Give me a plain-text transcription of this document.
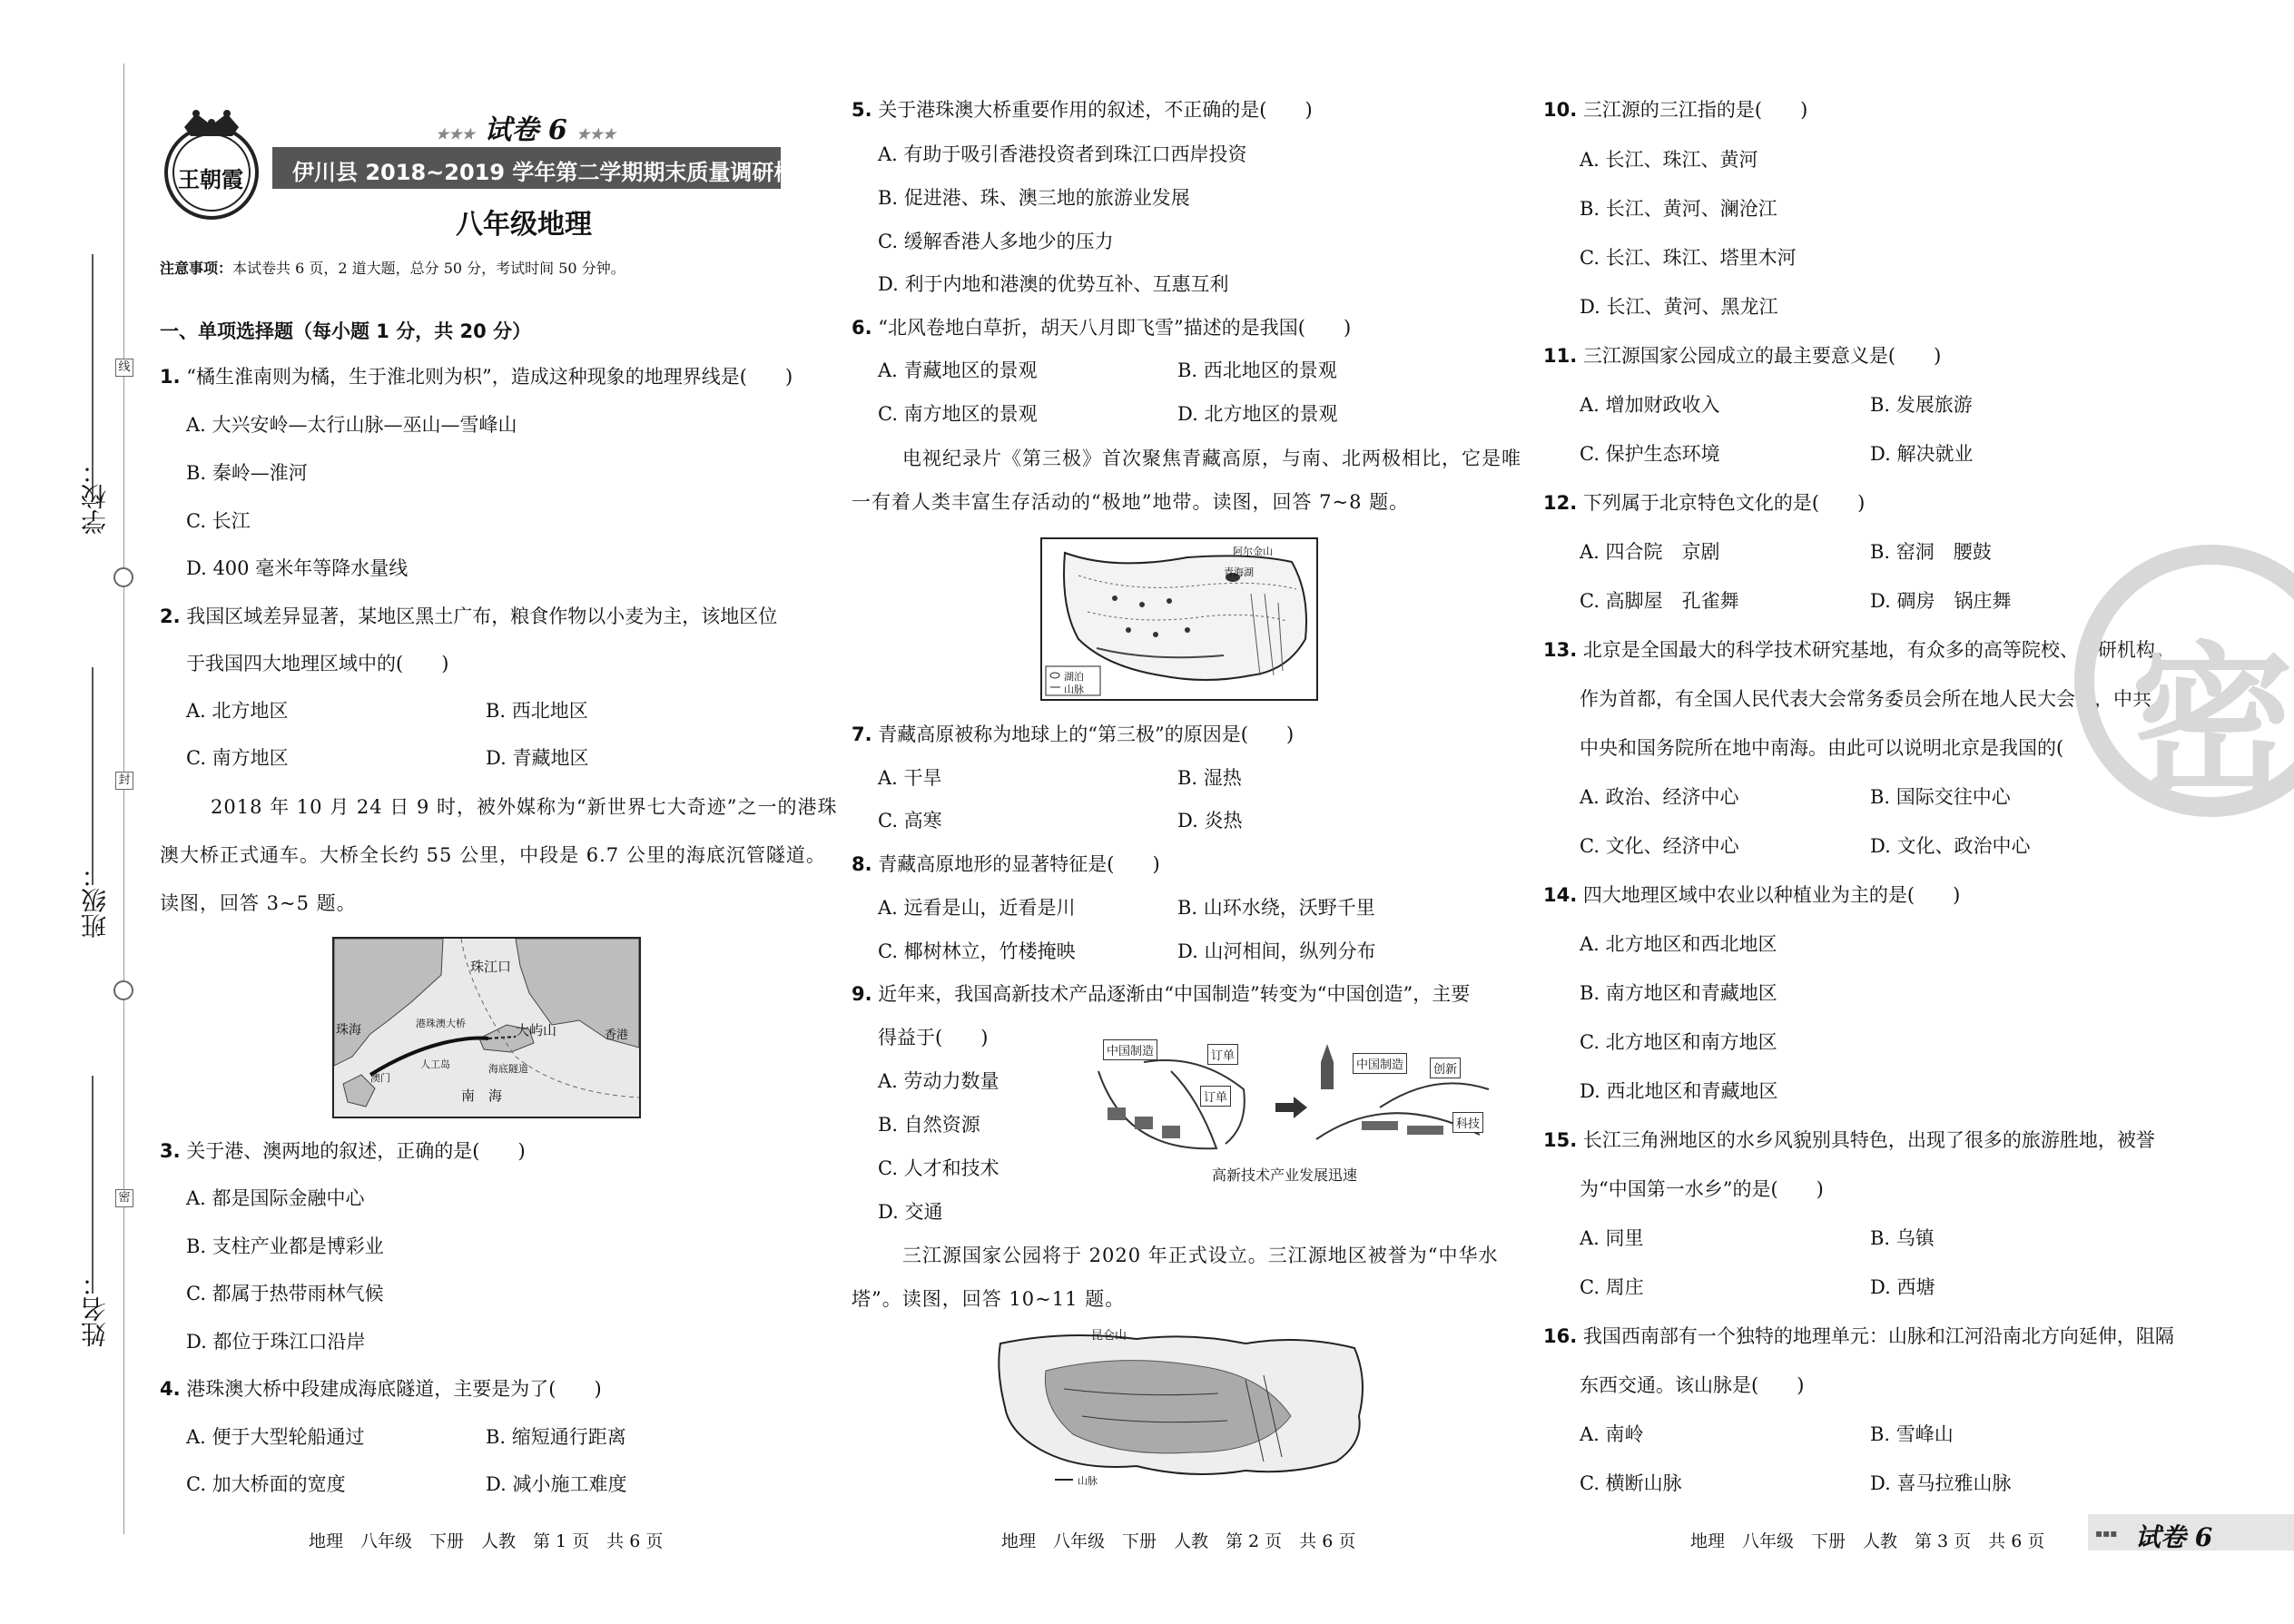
学校：
班级：
姓名：
线
封
密
王朝霞
★★★ 试卷 6 ★★★
伊川县 2018~2019 学年第二学期期末质量调研检测试卷
八年级地理
注意事项：本试卷共 6 页，2 道大题，总分 50 分，考试时间 50 分钟。
一、单项选择题（每小题 1 分，共 20 分）
1. “橘生淮南则为橘，生于淮北则为枳”，造成这种现象的地理界线是(　　)
A. 大兴安岭—太行山脉—巫山—雪峰山
B. 秦岭—淮河
C. 长江
D. 400 毫米年等降水量线
2. 我国区域差异显著，某地区黑土广布，粮食作物以小麦为主，该地区位
于我国四大地理区域中的(　　)
A. 北方地区	B. 西北地区
C. 南方地区	D. 青藏地区
2018 年 10 月 24 日 9 时，被外媒称为“新世界七大奇迹”之一的港珠
澳大桥正式通车。大桥全长约 55 公里，中段是 6.7 公里的海底沉管隧道。
读图，回答 3~5 题。
珠江口
珠海	港珠澳大桥	大屿山	香港
人工岛	海底隧道
澳门
南　海
3. 关于港、澳两地的叙述，正确的是(　　)
A. 都是国际金融中心
B. 支柱产业都是博彩业
C. 都属于热带雨林气候
D. 都位于珠江口沿岸
4. 港珠澳大桥中段建成海底隧道，主要是为了(　　)
A. 便于大型轮船通过	B. 缩短通行距离
C. 加大桥面的宽度	D. 减小施工难度
地理　八年级　下册　人教　第 1 页　共 6 页
5. 关于港珠澳大桥重要作用的叙述，不正确的是(　　)
A. 有助于吸引香港投资者到珠江口西岸投资
B. 促进港、珠、澳三地的旅游业发展
C. 缓解香港人多地少的压力
D. 利于内地和港澳的优势互补、互惠互利
6. “北风卷地白草折，胡天八月即飞雪”描述的是我国(　　)
A. 青藏地区的景观	B. 西北地区的景观
C. 南方地区的景观	D. 北方地区的景观
电视纪录片《第三极》首次聚焦青藏高原，与南、北两极相比，它是唯
一有着人类丰富生存活动的“极地”地带。读图，回答 7~8 题。
阿尔金山
青海湖
湖泊
山脉
7. 青藏高原被称为地球上的“第三极”的原因是(　　)
A. 干旱	B. 湿热
C. 高寒	D. 炎热
8. 青藏高原地形的显著特征是(　　)
A. 远看是山，近看是川	B. 山环水绕，沃野千里
C. 椰树林立，竹楼掩映	D. 山河相间，纵列分布
9. 近年来，我国高新技术产品逐渐由“中国制造”转变为“中国创造”，主要
得益于(　　)
A. 劳动力数量
B. 自然资源
C. 人才和技术
D. 交通
中国制造	订单
订单
中国制造	创新
科技
高新技术产业发展迅速
三江源国家公园将于 2020 年正式设立。三江源地区被誉为“中华水
塔”。读图，回答 10~11 题。
昆仑山
山脉
地理　八年级　下册　人教　第 2 页　共 6 页
10. 三江源的三江指的是(　　)
A. 长江、珠江、黄河
B. 长江、黄河、澜沧江
C. 长江、珠江、塔里木河
D. 长江、黄河、黑龙江
11. 三江源国家公园成立的最主要意义是(　　)
A. 增加财政收入	B. 发展旅游
C. 保护生态环境	D. 解决就业
12. 下列属于北京特色文化的是(　　)
A. 四合院　京剧	B. 窑洞　腰鼓
C. 高脚屋　孔雀舞	D. 碉房　锅庄舞
13. 北京是全国最大的科学技术研究基地，有众多的高等院校、科研机构。
作为首都，有全国人民代表大会常务委员会所在地人民大会堂，中共
中央和国务院所在地中南海。由此可以说明北京是我国的(　　)
A. 政治、经济中心	B. 国际交往中心
C. 文化、经济中心	D. 文化、政治中心
14. 四大地理区域中农业以种植业为主的是(　　)
A. 北方地区和西北地区
B. 南方地区和青藏地区
C. 北方地区和南方地区
D. 西北地区和青藏地区
15. 长江三角洲地区的水乡风貌别具特色，出现了很多的旅游胜地，被誉
为“中国第一水乡”的是(　　)
A. 同里	B. 乌镇
C. 周庄	D. 西塘
16. 我国西南部有一个独特的地理单元：山脉和江河沿南北方向延伸，阻隔
东西交通。该山脉是(　　)
A. 南岭	B. 雪峰山
C. 横断山脉	D. 喜马拉雅山脉
地理　八年级　下册　人教　第 3 页　共 6 页	▪▪▪ 试卷 6
密
